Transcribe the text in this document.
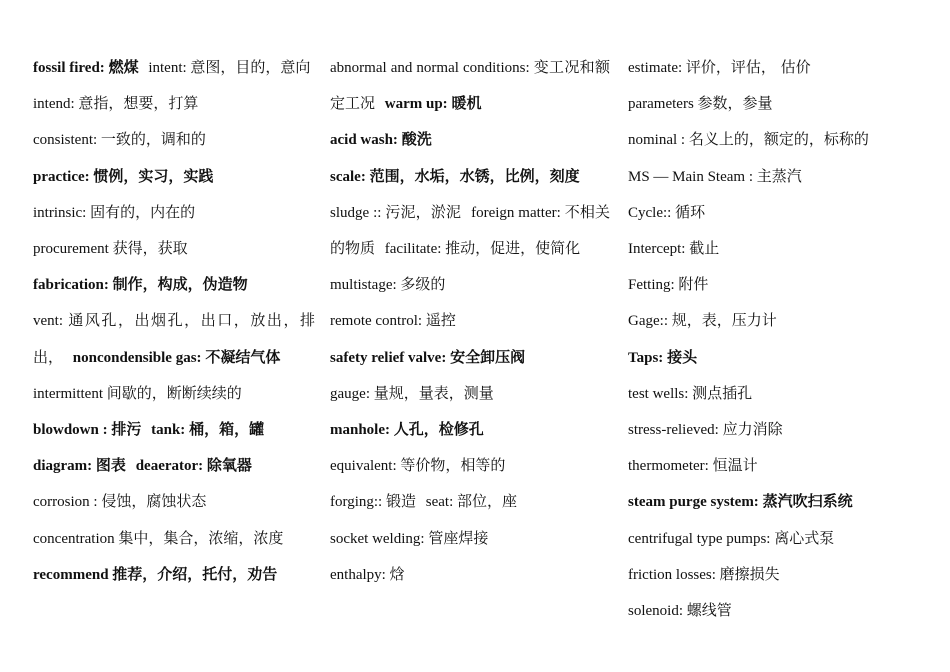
fossil fired: 燃煤 intent: 意图，目的，意向

intend: 意指，想要，打算

consistent: 一致的，调和的

practice: 惯例，实习，实践

intrinsic: 固有的，内在的

procurement 获得，获取

fabrication: 制作，构成，伪造物

vent: 通风孔，出烟孔，出口，放出，排出， noncondensible gas: 不凝结气体

intermittent 间歇的，断断续续的

blowdown : 排污 tank: 桶，箱，罐

diagram: 图表 deaerator: 除氧器

corrosion : 侵蚀，腐蚀状态

concentration 集中，集合，浓缩，浓度

recommend 推荐，介绍，托付，劝告

abnormal and normal conditions: 变工况和额定工况 warm up: 暖机

acid wash: 酸洗

scale: 范围，水垢，水锈，比例，刻度

sludge :: 污泥，淤泥 foreign matter: 不相关的物质 facilitate: 推动，促进，使简化

multistage: 多级的

remote control: 遥控

safety relief valve: 安全卸压阀

gauge: 量规，量表，测量

manhole: 人孔，检修孔

equivalent: 等价物，相等的

forging:: 锻造 seat: 部位，座

socket welding: 管座焊接

enthalpy: 焓

estimate: 评价，评估， 估价

parameters 参数，参量

nominal : 名义上的，额定的，标称的

MS — Main Steam : 主蒸汽

Cycle:: 循环

Intercept: 截止

Fetting: 附件

Gage:: 规，表，压力计

Taps: 接头

test wells: 测点插孔

stress-relieved: 应力消除

thermometer: 恒温计

steam purge system: 蒸汽吹扫系统

centrifugal type pumps: 离心式泵

friction losses: 磨擦损失

solenoid: 螺线管
